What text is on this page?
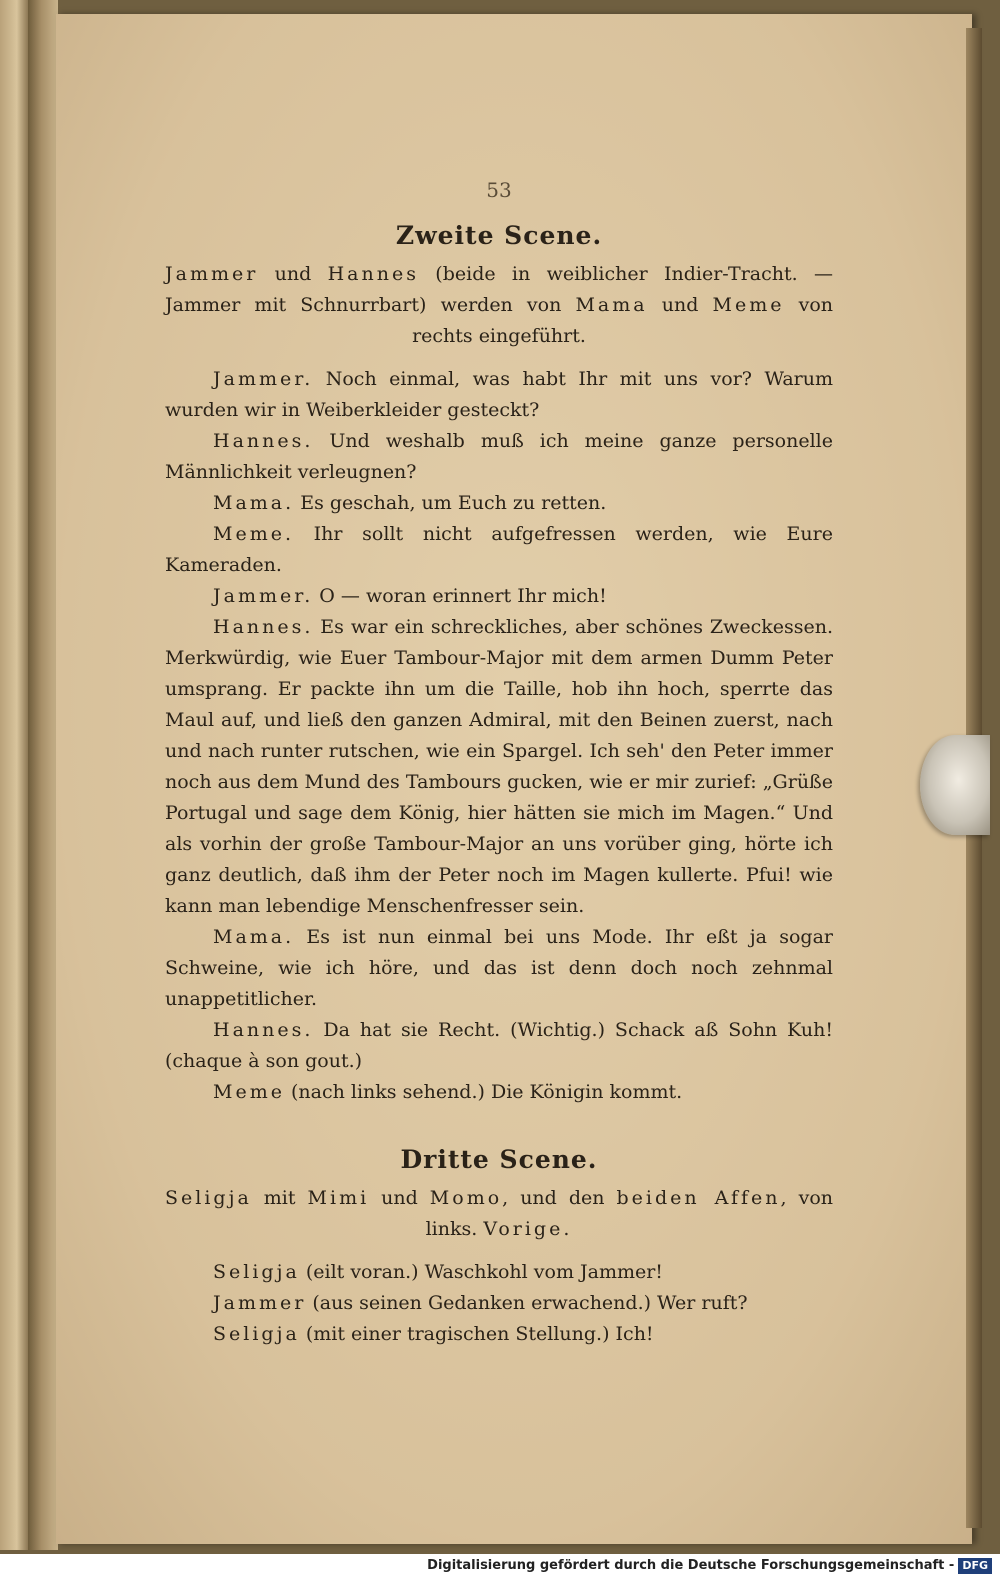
53
Zweite Scene.

Jammer und Hannes (beide in weiblicher Indier-Tracht. — Jammer mit Schnurrbart) werden von Mama und Meme von rechts eingeführt.

Jammer. Noch einmal, was habt Ihr mit uns vor? Warum wurden wir in Weiberkleider gesteckt?

Hannes. Und weshalb muß ich meine ganze personelle Männlichkeit verleugnen?

Mama. Es geschah, um Euch zu retten.

Meme. Ihr sollt nicht aufgefressen werden, wie Eure Kameraden.

Jammer. O — woran erinnert Ihr mich!

Hannes. Es war ein schreckliches, aber schönes Zweckessen. Merkwürdig, wie Euer Tambour-Major mit dem armen Dumm Peter umsprang. Er packte ihn um die Taille, hob ihn hoch, sperrte das Maul auf, und ließ den ganzen Admiral, mit den Beinen zuerst, nach und nach runter rutschen, wie ein Spargel. Ich seh' den Peter immer noch aus dem Mund des Tambours gucken, wie er mir zurief: „Grüße Portugal und sage dem König, hier hätten sie mich im Magen.“ Und als vorhin der große Tambour-Major an uns vorüber ging, hörte ich ganz deutlich, daß ihm der Peter noch im Magen kullerte. Pfui! wie kann man lebendige Menschenfresser sein.

Mama. Es ist nun einmal bei uns Mode. Ihr eßt ja sogar Schweine, wie ich höre, und das ist denn doch noch zehnmal unappetitlicher.

Hannes. Da hat sie Recht. (Wichtig.) Schack aß Sohn Kuh! (chaque à son gout.)

Meme (nach links sehend.) Die Königin kommt.

Dritte Scene.

Seligja mit Mimi und Momo, und den beiden Affen, von links. Vorige.

Seligja (eilt voran.) Waschkohl vom Jammer!

Jammer (aus seinen Gedanken erwachend.) Wer ruft?

Seligja (mit einer tragischen Stellung.) Ich!

Digitalisierung gefördert durch die Deutsche Forschungsgemeinschaft - DFG
